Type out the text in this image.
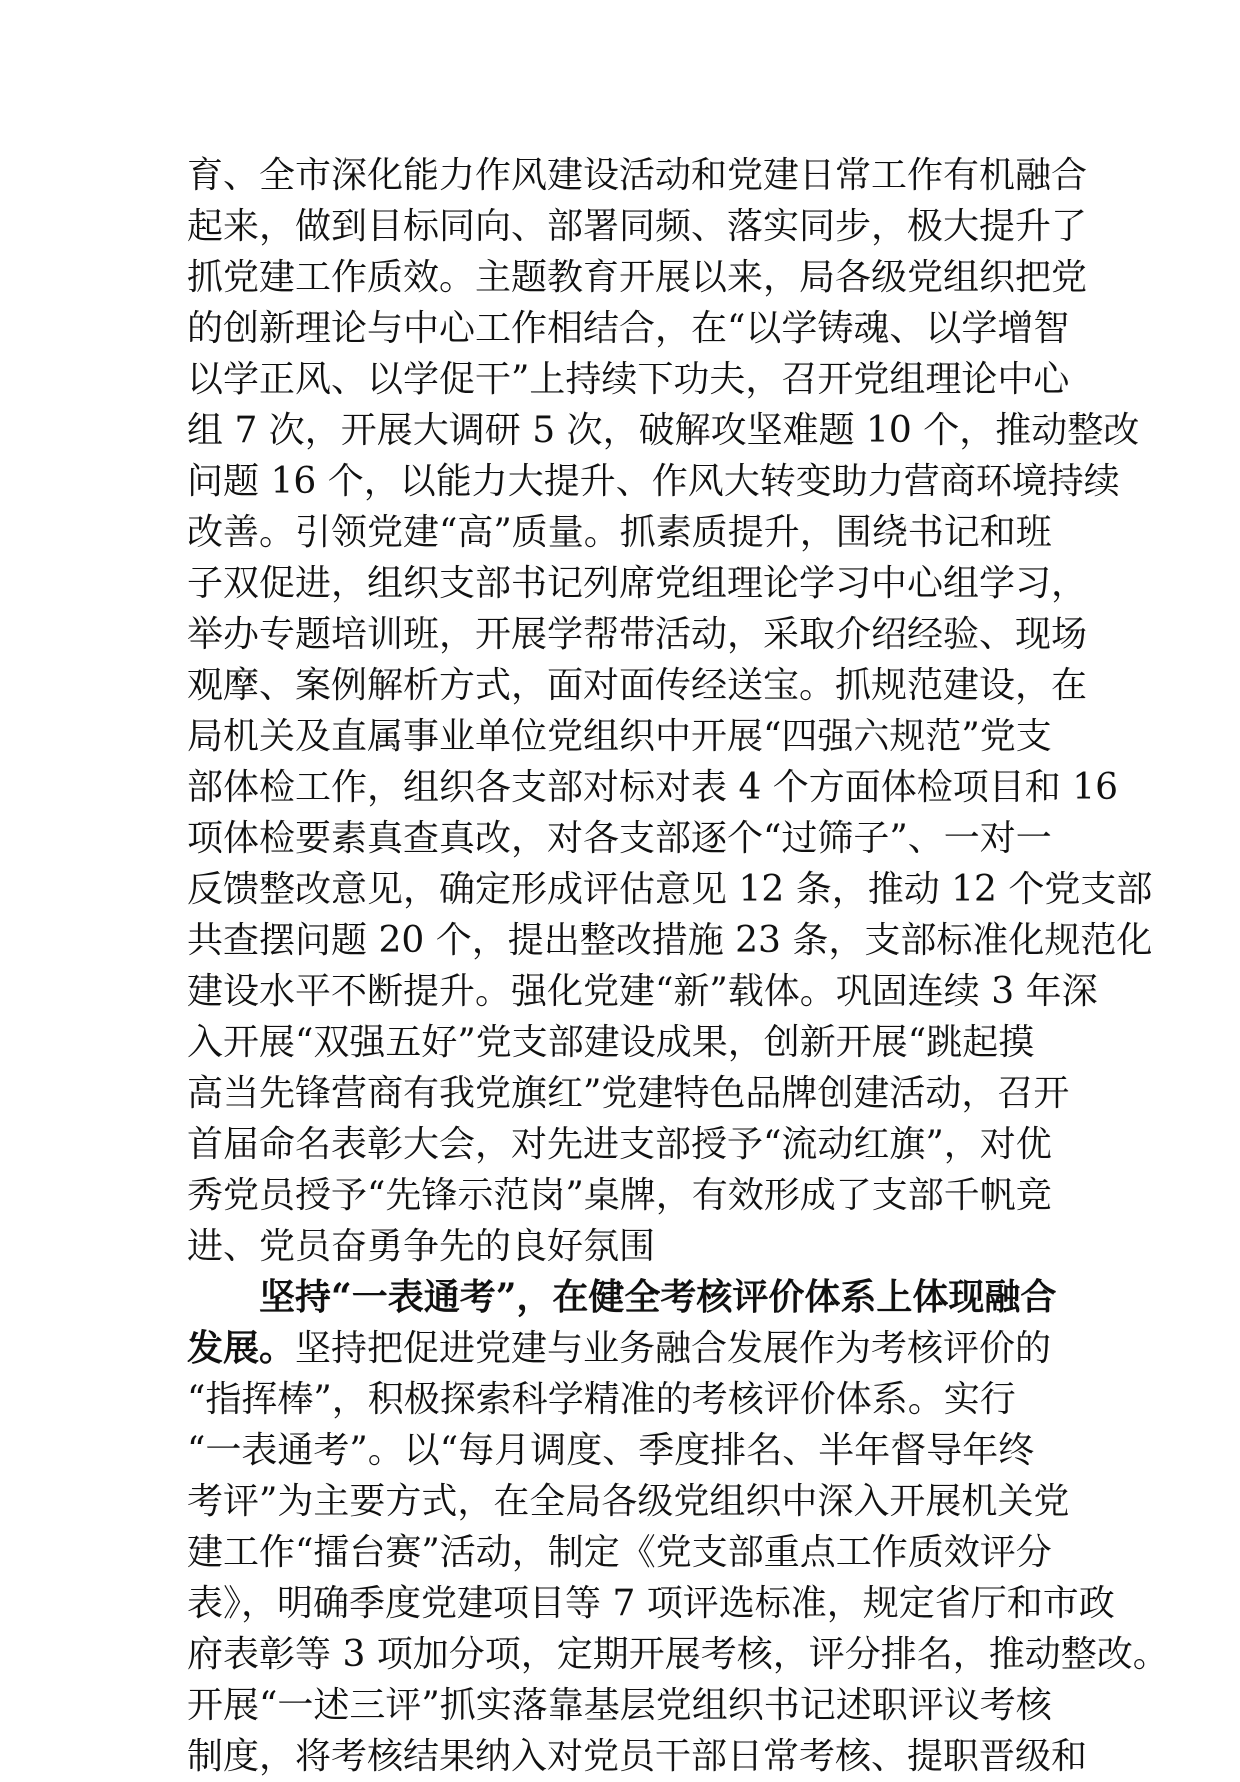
育、全市深化能力作风建设活动和党建日常工作有机融合
起来，做到目标同向、部署同频、落实同步，极大提升了
抓党建工作质效。主题教育开展以来，局各级党组织把党
的创新理论与中心工作相结合，在“以学铸魂、以学增智
以学正风、以学促干”上持续下功夫，召开党组理论中心
组 7 次，开展大调研 5 次，破解攻坚难题 10 个，推动整改
问题 16 个，以能力大提升、作风大转变助力营商环境持续
改善。引领党建“高”质量。抓素质提升，围绕书记和班
子双促进，组织支部书记列席党组理论学习中心组学习，
举办专题培训班，开展学帮带活动，采取介绍经验、现场
观摩、案例解析方式，面对面传经送宝。抓规范建设，在
局机关及直属事业单位党组织中开展“四强六规范”党支
部体检工作，组织各支部对标对表 4 个方面体检项目和 16
项体检要素真查真改，对各支部逐个“过筛子”、一对一
反馈整改意见，确定形成评估意见 12 条，推动 12 个党支部
共查摆问题 20 个，提出整改措施 23 条，支部标准化规范化
建设水平不断提升。强化党建“新”载体。巩固连续 3 年深
入开展“双强五好”党支部建设成果，创新开展“跳起摸
高当先锋营商有我党旗红”党建特色品牌创建活动，召开
首届命名表彰大会，对先进支部授予“流动红旗”，对优
秀党员授予“先锋示范岗”桌牌，有效形成了支部千帆竞
进、党员奋勇争先的良好氛围
坚持“一表通考”，在健全考核评价体系上体现融合
发展。坚持把促进党建与业务融合发展作为考核评价的
“指挥棒”，积极探索科学精准的考核评价体系。实行
“一表通考”。以“每月调度、季度排名、半年督导年终
考评”为主要方式，在全局各级党组织中深入开展机关党
建工作“擂台赛”活动，制定《党支部重点工作质效评分
表》，明确季度党建项目等 7 项评选标准，规定省厅和市政
府表彰等 3 项加分项，定期开展考核，评分排名，推动整改。
开展“一述三评”抓实落靠基层党组织书记述职评议考核
制度，将考核结果纳入对党员干部日常考核、提职晋级和
